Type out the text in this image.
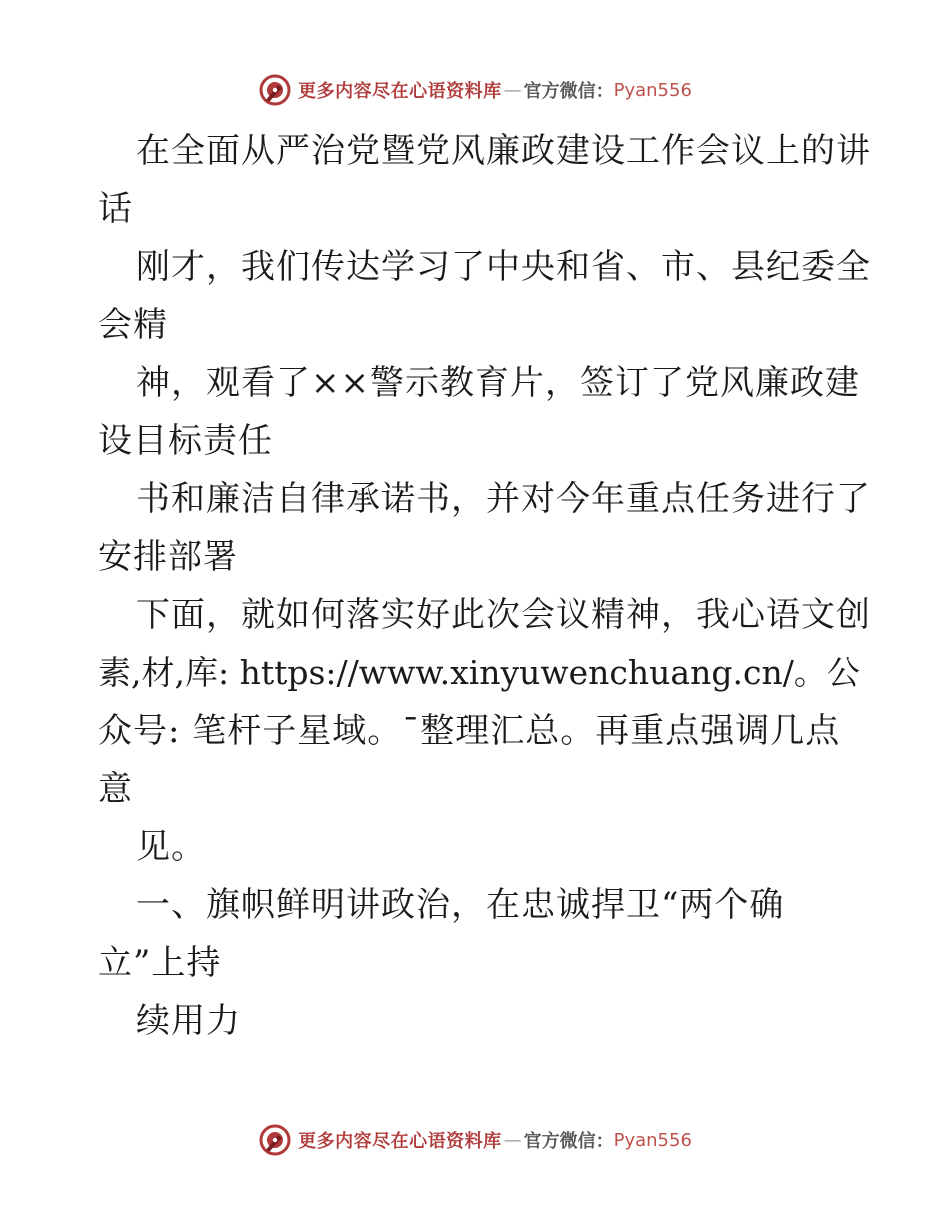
更多内容尽在心语资料库 — 官方微信： Pyan556
在全面从严治党暨党风廉政建设工作会议上的讲
话
刚才，我们传达学习了中央和省、市、县纪委全
会精
神，观看了××警示教育片，签订了党风廉政建
设目标责任
书和廉洁自律承诺书，并对今年重点任务进行了
安排部署
下面，就如何落实好此次会议精神，我心语文创
素,材,库: https://www.xinyuwenchuang.cn/。公
众号: 笔杆子星域。¯整理汇总。再重点强调几点
意
见。
一、旗帜鲜明讲政治，在忠诚捍卫“两个确
立”上持
续用力
更多内容尽在心语资料库 — 官方微信： Pyan556
